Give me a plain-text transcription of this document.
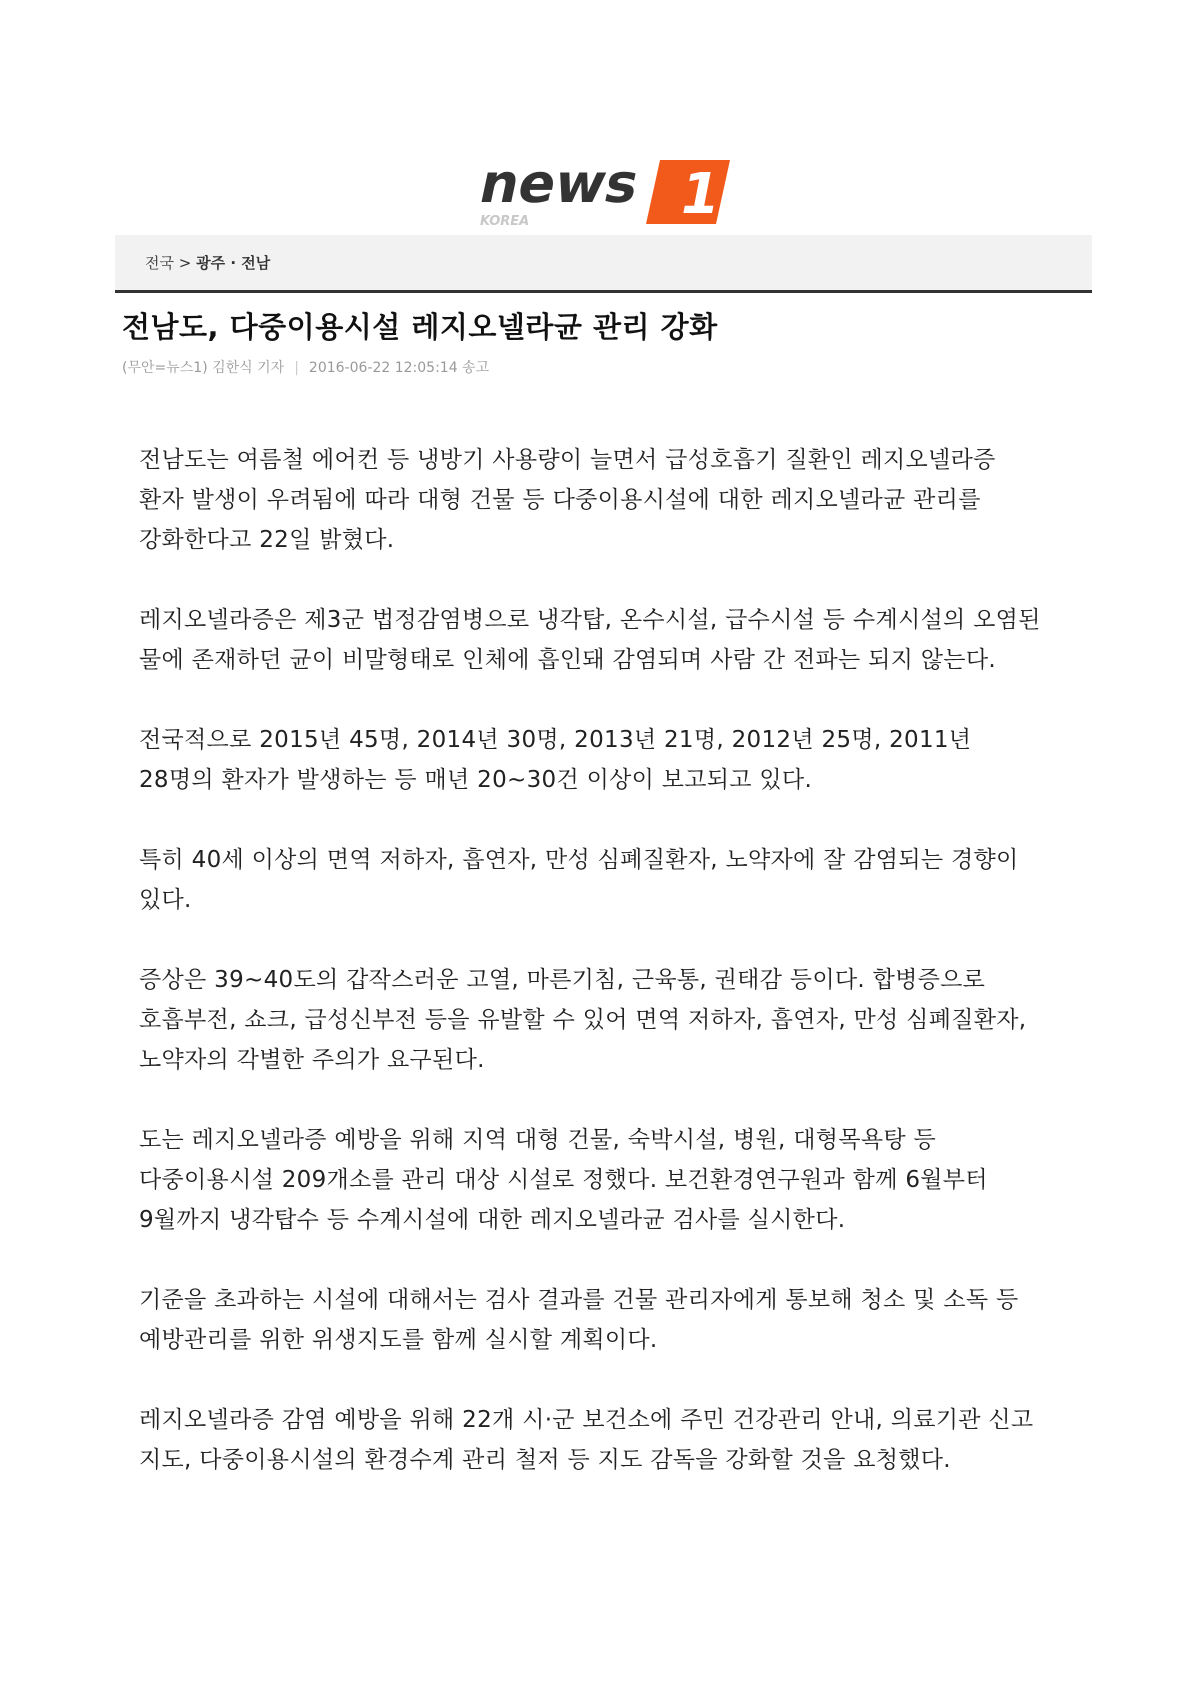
news 1
KOREA
전국 > 광주 · 전남
전남도, 다중이용시설 레지오넬라균 관리 강화
(무안=뉴스1) 김한식 기자 | 2016-06-22 12:05:14 송고

전남도는 여름철 에어컨 등 냉방기 사용량이 늘면서 급성호흡기 질환인 레지오넬라증 환자 발생이 우려됨에 따라 대형 건물 등 다중이용시설에 대한 레지오넬라균 관리를 강화한다고 22일 밝혔다.

레지오넬라증은 제3군 법정감염병으로 냉각탑, 온수시설, 급수시설 등 수계시설의 오염된 물에 존재하던 균이 비말형태로 인체에 흡인돼 감염되며 사람 간 전파는 되지 않는다.

전국적으로 2015년 45명, 2014년 30명, 2013년 21명, 2012년 25명, 2011년 28명의 환자가 발생하는 등 매년 20~30건 이상이 보고되고 있다.

특히 40세 이상의 면역 저하자, 흡연자, 만성 심폐질환자, 노약자에 잘 감염되는 경향이 있다.

증상은 39~40도의 갑작스러운 고열, 마른기침, 근육통, 권태감 등이다. 합병증으로 호흡부전, 쇼크, 급성신부전 등을 유발할 수 있어 면역 저하자, 흡연자, 만성 심폐질환자, 노약자의 각별한 주의가 요구된다.

도는 레지오넬라증 예방을 위해 지역 대형 건물, 숙박시설, 병원, 대형목욕탕 등 다중이용시설 209개소를 관리 대상 시설로 정했다. 보건환경연구원과 함께 6월부터 9월까지 냉각탑수 등 수계시설에 대한 레지오넬라균 검사를 실시한다.

기준을 초과하는 시설에 대해서는 검사 결과를 건물 관리자에게 통보해 청소 및 소독 등 예방관리를 위한 위생지도를 함께 실시할 계획이다.

레지오넬라증 감염 예방을 위해 22개 시·군 보건소에 주민 건강관리 안내, 의료기관 신고 지도, 다중이용시설의 환경수계 관리 철저 등 지도 감독을 강화할 것을 요청했다.
